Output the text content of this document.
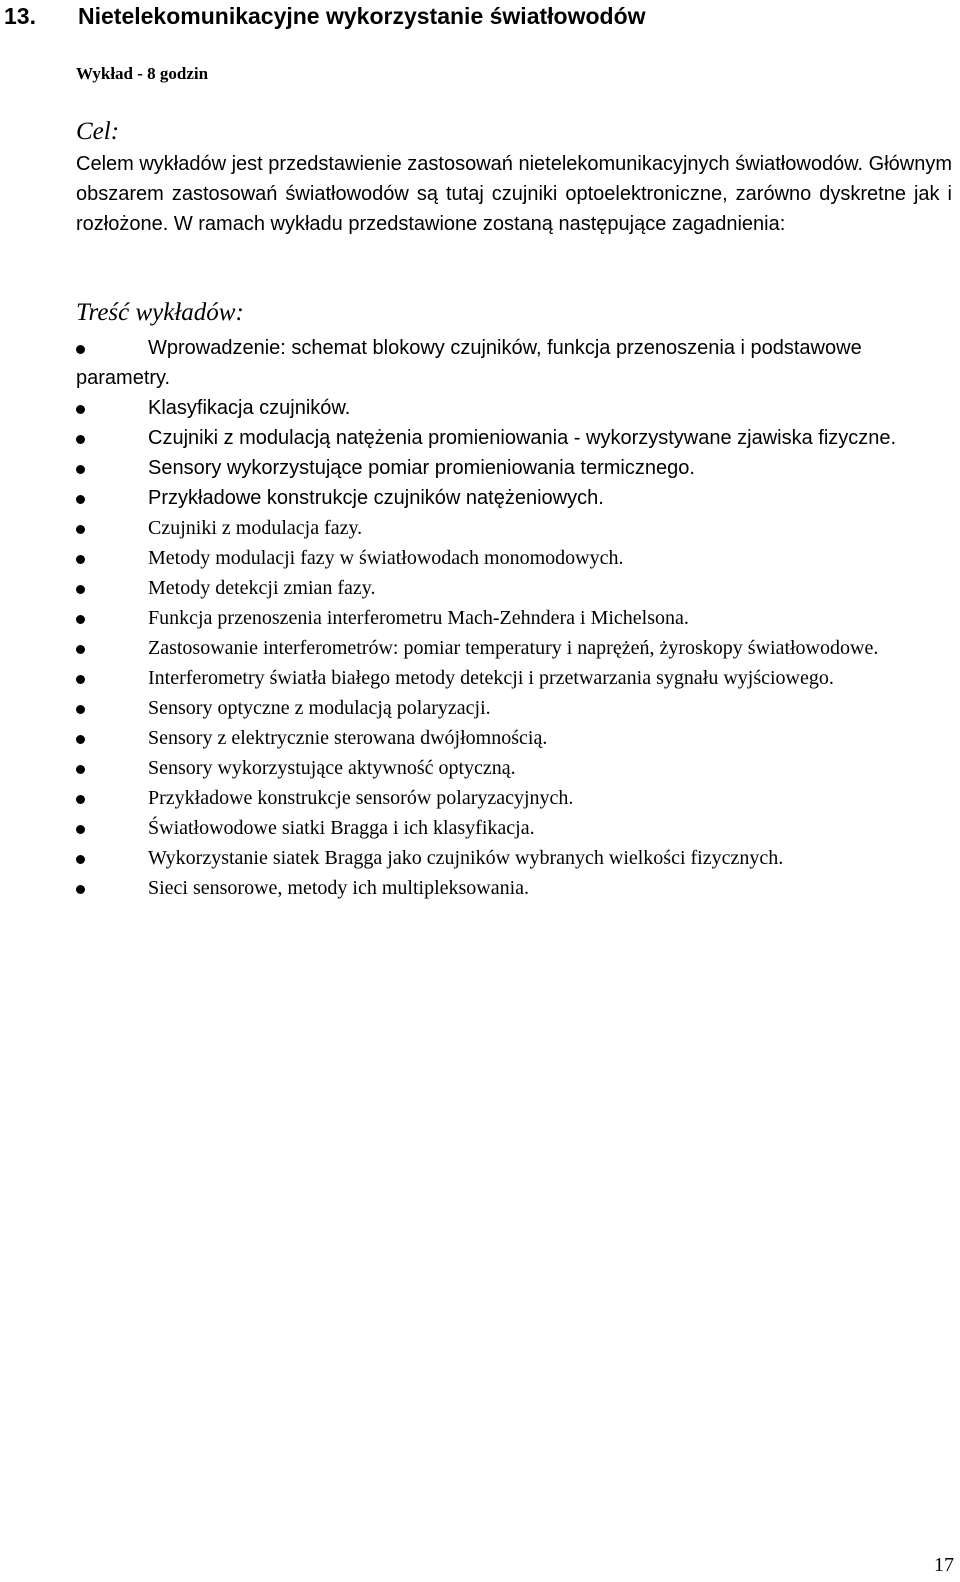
13. Nietelekomunikacyjne wykorzystanie światłowodów
Wykład - 8 godzin
Cel:

Celem wykładów jest przedstawienie zastosowań nietelekomunikacyjnych światłowodów. Głównym obszarem zastosowań światłowodów są tutaj czujniki optoelektroniczne, zarówno dyskretne jak i rozłożone. W ramach wykładu przedstawione zostaną następujące zagadnienia:

Treść wykładów:
Wprowadzenie: schemat blokowy czujników, funkcja przenoszenia i podstawowe parametry.
Klasyfikacja czujników.
Czujniki z modulacją natężenia promieniowania - wykorzystywane zjawiska fizyczne.
Sensory wykorzystujące pomiar promieniowania termicznego.
Przykładowe konstrukcje czujników natężeniowych.
Czujniki z modulacja fazy.
Metody modulacji fazy w światłowodach monomodowych.
Metody detekcji zmian fazy.
Funkcja przenoszenia interferometru Mach-Zehndera i Michelsona.
Zastosowanie interferometrów: pomiar temperatury i naprężeń, żyroskopy światłowodowe.
Interferometry światła białego metody detekcji i przetwarzania sygnału wyjściowego.
Sensory optyczne z modulacją polaryzacji.
Sensory z elektrycznie sterowana dwójłomnością.
Sensory wykorzystujące aktywność optyczną.
Przykładowe konstrukcje sensorów polaryzacyjnych.
Światłowodowe siatki Bragga i ich klasyfikacja.
Wykorzystanie siatek Bragga jako czujników wybranych wielkości fizycznych.
Sieci sensorowe, metody ich multipleksowania.
17
